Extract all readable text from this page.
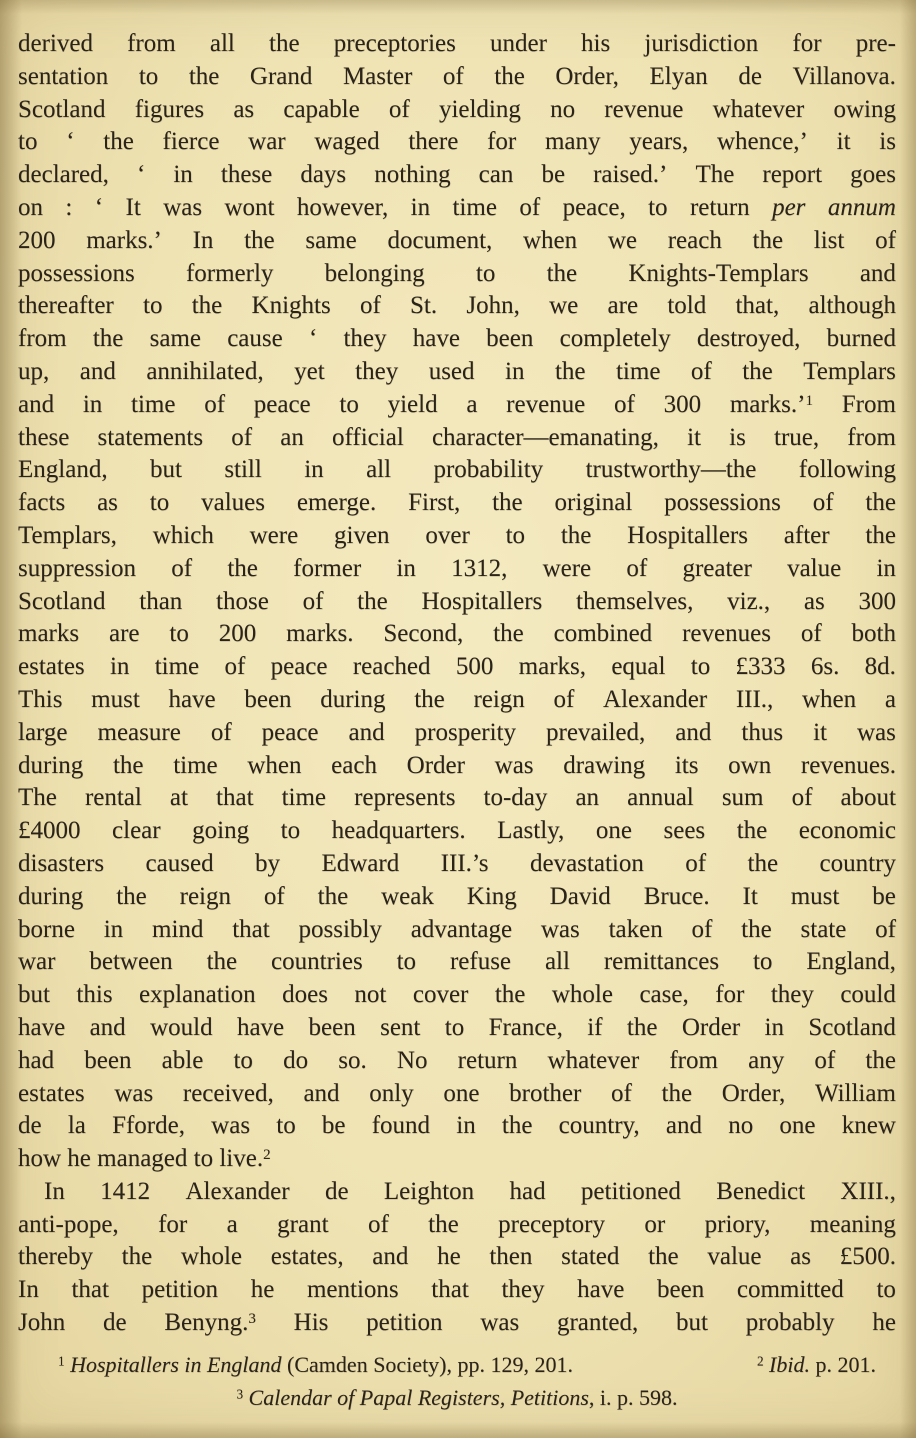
derived from all the preceptories under his jurisdiction for pre-
sentation to the Grand Master of the Order, Elyan de Villanova.
Scotland figures as capable of yielding no revenue whatever owing
to ‘ the fierce war waged there for many years, whence,’ it is
declared, ‘ in these days nothing can be raised.’ The report goes
on : ‘ It was wont however, in time of peace, to return per annum
200 marks.’ In the same document, when we reach the list of
possessions formerly belonging to the Knights-Templars and
thereafter to the Knights of St. John, we are told that, although
from the same cause ‘ they have been completely destroyed, burned
up, and annihilated, yet they used in the time of the Templars
and in time of peace to yield a revenue of 300 marks.’$^1$ From
these statements of an official character—emanating, it is true, from
England, but still in all probability trustworthy—the following
facts as to values emerge. First, the original possessions of the
Templars, which were given over to the Hospitallers after the
suppression of the former in 1312, were of greater value in
Scotland than those of the Hospitallers themselves, viz., as 300
marks are to 200 marks. Second, the combined revenues of both
estates in time of peace reached 500 marks, equal to £333 6s. 8d.
This must have been during the reign of Alexander III., when a
large measure of peace and prosperity prevailed, and thus it was
during the time when each Order was drawing its own revenues.
The rental at that time represents to-day an annual sum of about
£4000 clear going to headquarters. Lastly, one sees the economic
disasters caused by Edward III.’s devastation of the country
during the reign of the weak King David Bruce. It must be
borne in mind that possibly advantage was taken of the state of
war between the countries to refuse all remittances to England,
but this explanation does not cover the whole case, for they could
have and would have been sent to France, if the Order in Scotland
had been able to do so. No return whatever from any of the
estates was received, and only one brother of the Order, William
de la Fforde, was to be found in the country, and no one knew
how he managed to live.$^2$
In 1412 Alexander de Leighton had petitioned Benedict XIII.,
anti-pope, for a grant of the preceptory or priory, meaning
thereby the whole estates, and he then stated the value as £500.
In that petition he mentions that they have been committed to
John de Benyng.$^3$ His petition was granted, but probably he
$^1$ Hospitallers in England (Camden Society), pp. 129, 201.	$^2$ Ibid. p. 201.
$^3$ Calendar of Papal Registers, Petitions, i. p. 598.
